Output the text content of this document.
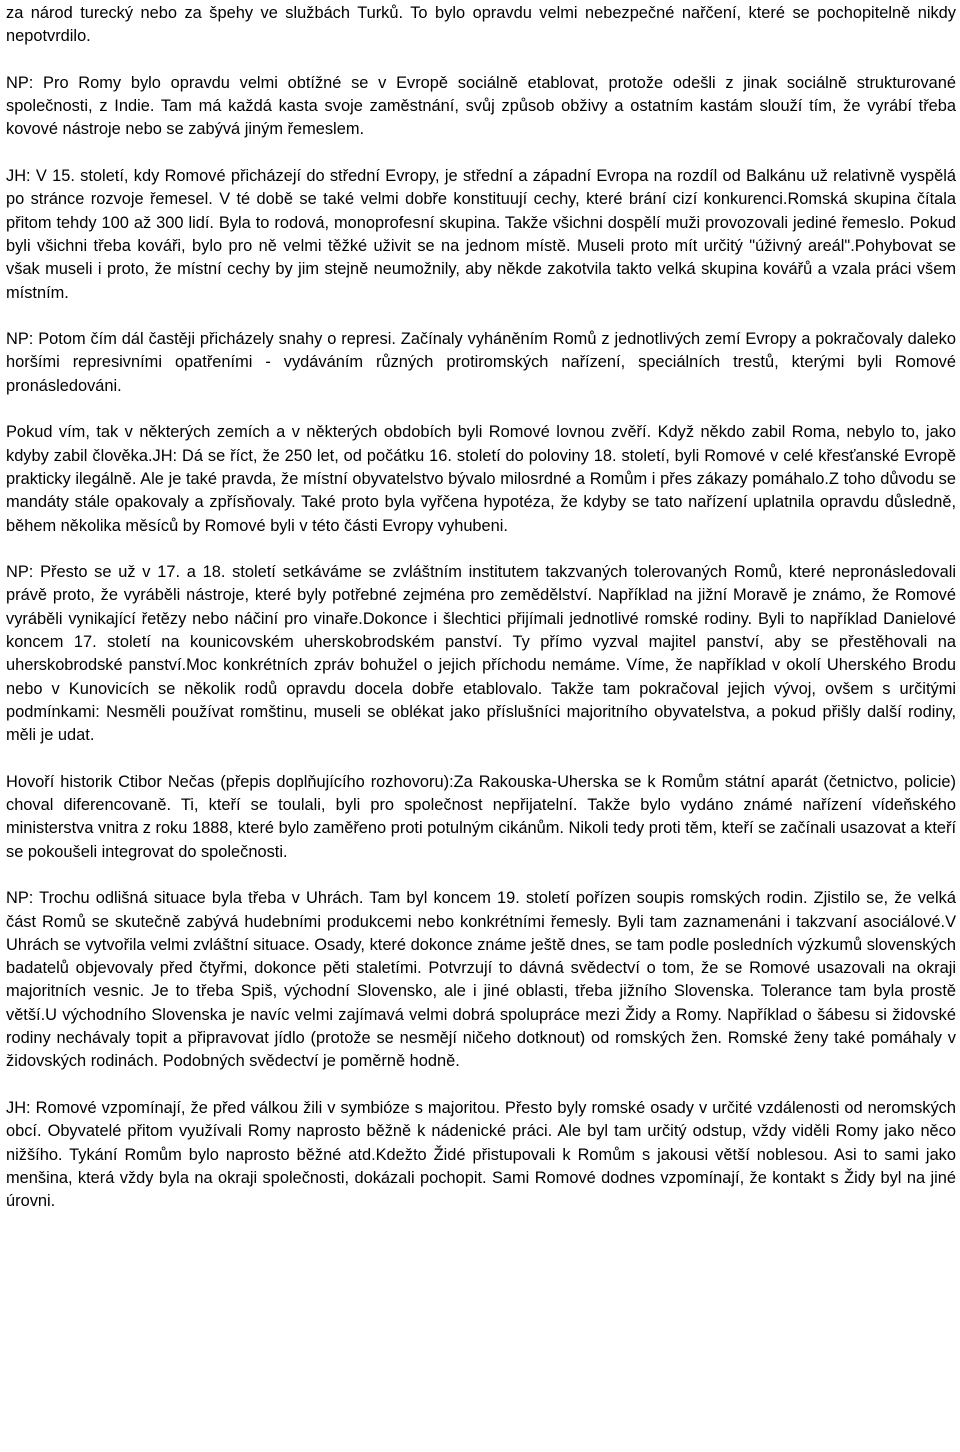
za národ turecký nebo za špehy ve službách Turků. To bylo opravdu velmi nebezpečné nařčení, které se pochopitelně nikdy nepotvrdilo.

NP: Pro Romy bylo opravdu velmi obtížné se v Evropě sociálně etablovat, protože odešli z jinak sociálně strukturované společnosti, z Indie. Tam má každá kasta svoje zaměstnání, svůj způsob obživy a ostatním kastám slouží tím, že vyrábí třeba kovové nástroje nebo se zabývá jiným řemeslem.

JH: V 15. století, kdy Romové přicházejí do střední Evropy, je střední a západní Evropa na rozdíl od Balkánu už relativně vyspělá po stránce rozvoje řemesel. V té době se také velmi dobře konstituují cechy, které brání cizí konkurenci.Romská skupina čítala přitom tehdy 100 až 300 lidí. Byla to rodová, monoprofesní skupina. Takže všichni dospělí muži provozovali jediné řemeslo. Pokud byli všichni třeba kováři, bylo pro ně velmi těžké uživit se na jednom místě. Museli proto mít určitý "úživný areál".Pohybovat se však museli i proto, že místní cechy by jim stejně neumožnily, aby někde zakotvila takto velká skupina kovářů a vzala práci všem místním.

NP: Potom čím dál častěji přicházely snahy o represi. Začínaly vyháněním Romů z jednotlivých zemí Evropy a pokračovaly daleko horšími represivními opatřeními - vydáváním různých protiromských nařízení, speciálních trestů, kterými byli Romové pronásledováni.

Pokud vím, tak v některých zemích a v některých obdobích byli Romové lovnou zvěří. Když někdo zabil Roma, nebylo to, jako kdyby zabil člověka.JH: Dá se říct, že 250 let, od počátku 16. století do poloviny 18. století, byli Romové v celé křesťanské Evropě prakticky ilegálně. Ale je také pravda, že místní obyvatelstvo bývalo milosrdné a Romům i přes zákazy pomáhalo.Z toho důvodu se mandáty stále opakovaly a zpřísňovaly. Také proto byla vyřčena hypotéza, že kdyby se tato nařízení uplatnila opravdu důsledně, během několika měsíců by Romové byli v této části Evropy vyhubeni.

NP: Přesto se už v 17. a 18. století setkáváme se zvláštním institutem takzvaných tolerovaných Romů, které nepronásledovali právě proto, že vyráběli nástroje, které byly potřebné zejména pro zemědělství. Například na jižní Moravě je známo, že Romové vyráběli vynikající řetězy nebo náčiní pro vinaře.Dokonce i šlechtici přijímali jednotlivé romské rodiny. Byli to například Danielové koncem 17. století na kounicovském uherskobrodském panství. Ty přímo vyzval majitel panství, aby se přestěhovali na uherskobrodské panství.Moc konkrétních zpráv bohužel o jejich příchodu nemáme. Víme, že například v okolí Uherského Brodu nebo v Kunovicích se několik rodů opravdu docela dobře etablovalo. Takže tam pokračoval jejich vývoj, ovšem s určitými podmínkami: Nesměli používat romštinu, museli se oblékat jako příslušníci majoritního obyvatelstva, a pokud přišly další rodiny, měli je udat.

Hovoří historik Ctibor Nečas (přepis doplňujícího rozhovoru):Za Rakouska-Uherska se k Romům státní aparát (četnictvo, policie) choval diferencovaně. Ti, kteří se toulali, byli pro společnost nepřijatelní. Takže bylo vydáno známé nařízení vídeňského ministerstva vnitra z roku 1888, které bylo zaměřeno proti potulným cikánům. Nikoli tedy proti těm, kteří se začínali usazovat a kteří se pokoušeli integrovat do společnosti.

NP: Trochu odlišná situace byla třeba v Uhrách. Tam byl koncem 19. století pořízen soupis romských rodin. Zjistilo se, že velká část Romů se skutečně zabývá hudebními produkcemi nebo konkrétními řemesly. Byli tam zaznamenáni i takzvaní asociálové.V Uhrách se vytvořila velmi zvláštní situace. Osady, které dokonce známe ještě dnes, se tam podle posledních výzkumů slovenských badatelů objevovaly před čtyřmi, dokonce pěti staletími. Potvrzují to dávná svědectví o tom, že se Romové usazovali na okraji majoritních vesnic. Je to třeba Spiš, východní Slovensko, ale i jiné oblasti, třeba jižního Slovenska. Tolerance tam byla prostě větší.U východního Slovenska je navíc velmi zajímavá velmi dobrá spolupráce mezi Židy a Romy. Například o šábesu si židovské rodiny nechávaly topit a připravovat jídlo (protože se nesmějí ničeho dotknout) od romských žen. Romské ženy také pomáhaly v židovských rodinách. Podobných svědectví je poměrně hodně.

JH: Romové vzpomínají, že před válkou žili v symbióze s majoritou. Přesto byly romské osady v určité vzdálenosti od neromských obcí. Obyvatelé přitom využívali Romy naprosto běžně k nádenické práci. Ale byl tam určitý odstup, vždy viděli Romy jako něco nižšího. Tykání Romům bylo naprosto běžné atd.Kdežto Židé přistupovali k Romům s jakousi větší noblesou. Asi to sami jako menšina, která vždy byla na okraji společnosti, dokázali pochopit. Sami Romové dodnes vzpomínají, že kontakt s Židy byl na jiné úrovni.
